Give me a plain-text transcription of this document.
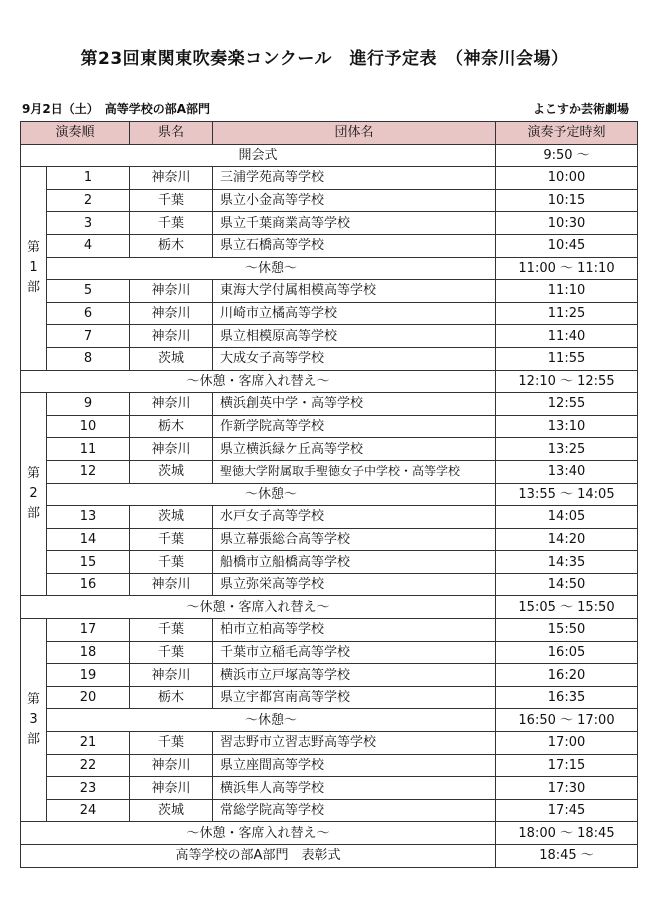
第23回東関東吹奏楽コンクール　進行予定表　（神奈川会場）
9月2日（土）　高等学校の部A部門	よこすか芸術劇場
演奏順		県名	団体名	演奏予定時刻
開会式				9:50 ～

第
1
部	1	神奈川	三浦学苑高等学校	10:00
	2	千葉	県立小金高等学校	10:15
	3	千葉	県立千葉商業高等学校	10:30
	4	栃木	県立石橋高等学校	10:45
	～休憩～			11:00 ～ 11:10
	5	神奈川	東海大学付属相模高等学校	11:10
	6	神奈川	川崎市立橘高等学校	11:25
	7	神奈川	県立相模原高等学校	11:40
	8	茨城	大成女子高等学校	11:55
～休憩・客席入れ替え～				12:10 ～ 12:55

第
2
部	9	神奈川	横浜創英中学・高等学校	12:55
	10	栃木	作新学院高等学校	13:10
	11	神奈川	県立横浜緑ケ丘高等学校	13:25
	12	茨城	聖徳大学附属取手聖徳女子中学校・高等学校	13:40
	～休憩～			13:55 ～ 14:05
	13	茨城	水戸女子高等学校	14:05
	14	千葉	県立幕張総合高等学校	14:20
	15	千葉	船橋市立船橋高等学校	14:35
	16	神奈川	県立弥栄高等学校	14:50
～休憩・客席入れ替え～				15:05 ～ 15:50

第
3
部	17	千葉	柏市立柏高等学校	15:50
	18	千葉	千葉市立稲毛高等学校	16:05
	19	神奈川	横浜市立戸塚高等学校	16:20
	20	栃木	県立宇都宮南高等学校	16:35
	～休憩～			16:50 ～ 17:00
	21	千葉	習志野市立習志野高等学校	17:00
	22	神奈川	県立座間高等学校	17:15
	23	神奈川	横浜隼人高等学校	17:30
	24	茨城	常総学院高等学校	17:45
～休憩・客席入れ替え～				18:00 ～ 18:45
高等学校の部A部門　表彰式				18:45 ～
